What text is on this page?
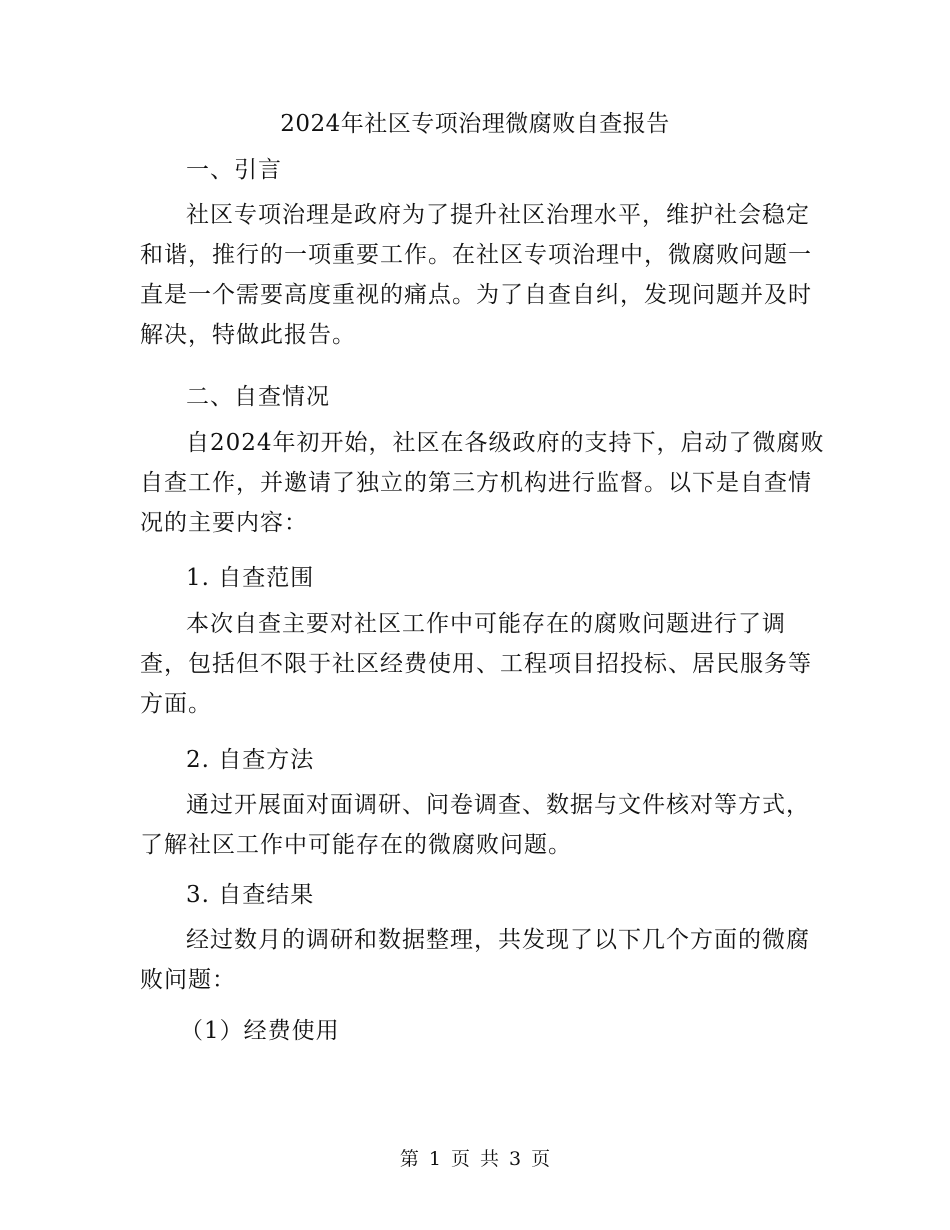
2024年社区专项治理微腐败自查报告
一、引言
社区专项治理是政府为了提升社区治理水平，维护社会稳定
和谐，推行的一项重要工作。在社区专项治理中，微腐败问题一
直是一个需要高度重视的痛点。为了自查自纠，发现问题并及时
解决，特做此报告。
二、自查情况
自2024年初开始，社区在各级政府的支持下，启动了微腐败
自查工作，并邀请了独立的第三方机构进行监督。以下是自查情
况的主要内容：
1. 自查范围
本次自查主要对社区工作中可能存在的腐败问题进行了调
查，包括但不限于社区经费使用、工程项目招投标、居民服务等
方面。
2. 自查方法
通过开展面对面调研、问卷调查、数据与文件核对等方式，
了解社区工作中可能存在的微腐败问题。
3. 自查结果
经过数月的调研和数据整理，共发现了以下几个方面的微腐
败问题：
（1）经费使用
第 1 页 共 3 页
